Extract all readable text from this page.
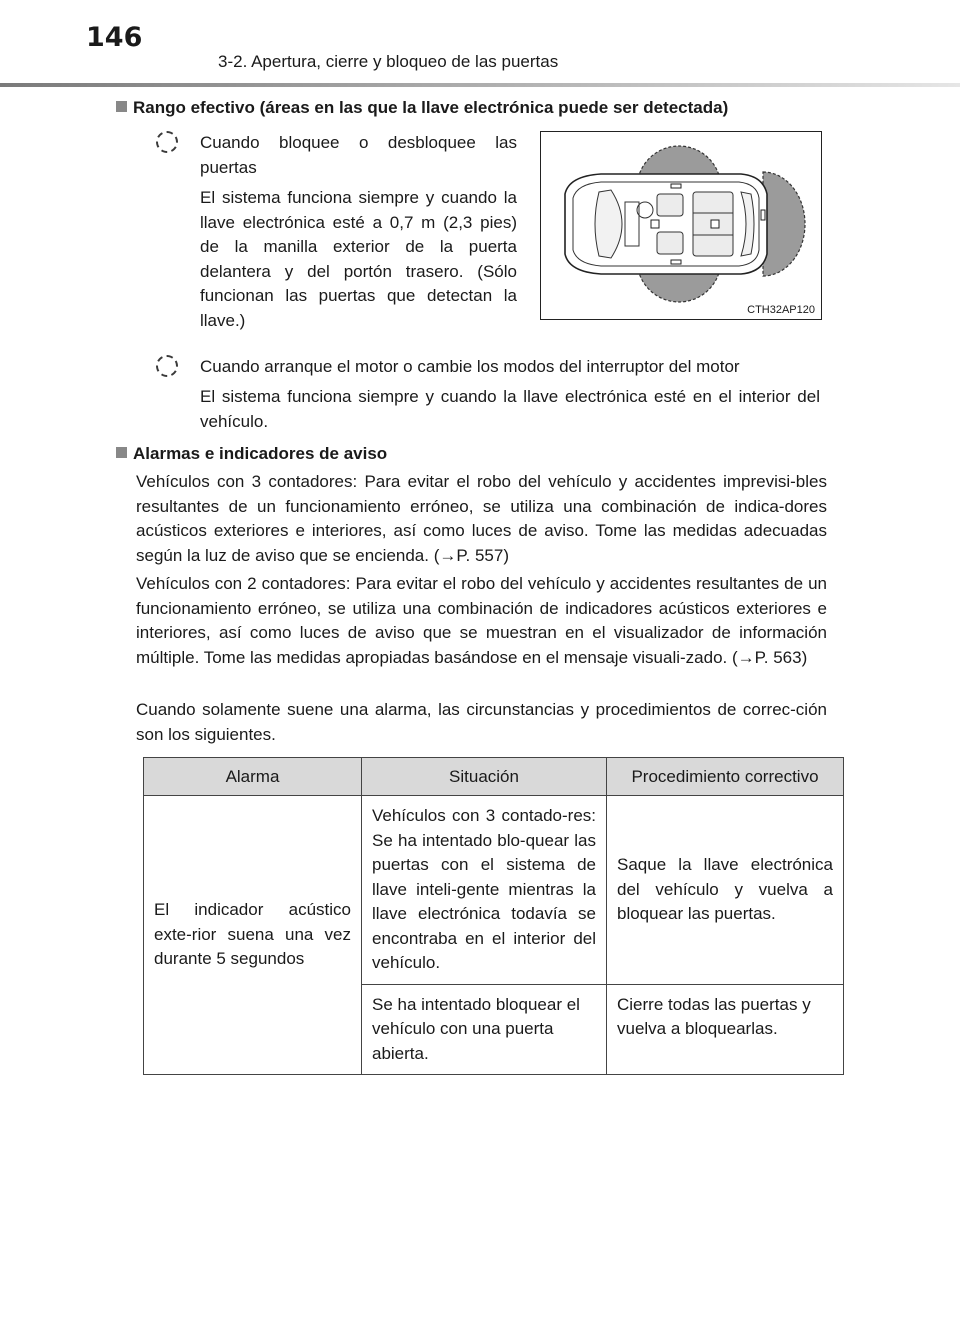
146
3-2. Apertura, cierre y bloqueo de las puertas
Rango efectivo (áreas en las que la llave electrónica puede ser detectada)

Cuando bloquee o desbloquee las puertas

El sistema funciona siempre y cuando la llave electrónica esté a 0,7 m (2,3 pies) de la manilla exterior de la puerta delantera y del portón trasero. (Sólo funcionan las puertas que detectan la llave.)

CTH32AP120

Cuando arranque el motor o cambie los modos del interruptor del motor

El sistema funciona siempre y cuando la llave electrónica esté en el interior del vehículo.

Alarmas e indicadores de aviso

Vehículos con 3 contadores: Para evitar el robo del vehículo y accidentes imprevisi-bles resultantes de un funcionamiento erróneo, se utiliza una combinación de indica-dores acústicos exteriores e interiores, así como luces de aviso. Tome las medidas adecuadas según la luz de aviso que se encienda. (→P. 557)

Vehículos con 2 contadores: Para evitar el robo del vehículo y accidentes resultantes de un funcionamiento erróneo, se utiliza una combinación de indicadores acústicos exteriores e interiores, así como luces de aviso que se muestran en el visualizador de información múltiple. Tome las medidas apropiadas basándose en el mensaje visuali-zado. (→P. 563)

Cuando solamente suene una alarma, las circunstancias y procedimientos de correc-ción son los siguientes.

Alarma	Situación	Procedimiento correctivo
El indicador acústico exte-rior suena una vez durante 5 segundos	Vehículos con 3 contado-res: Se ha intentado blo-quear las puertas con el sistema de llave inteli-gente mientras la llave electrónica todavía se encontraba en el interior del vehículo.	Saque la llave electrónica del vehículo y vuelva a bloquear las puertas.
	Se ha intentado bloquear el vehículo con una puerta abierta.	Cierre todas las puertas y vuelva a bloquearlas.
